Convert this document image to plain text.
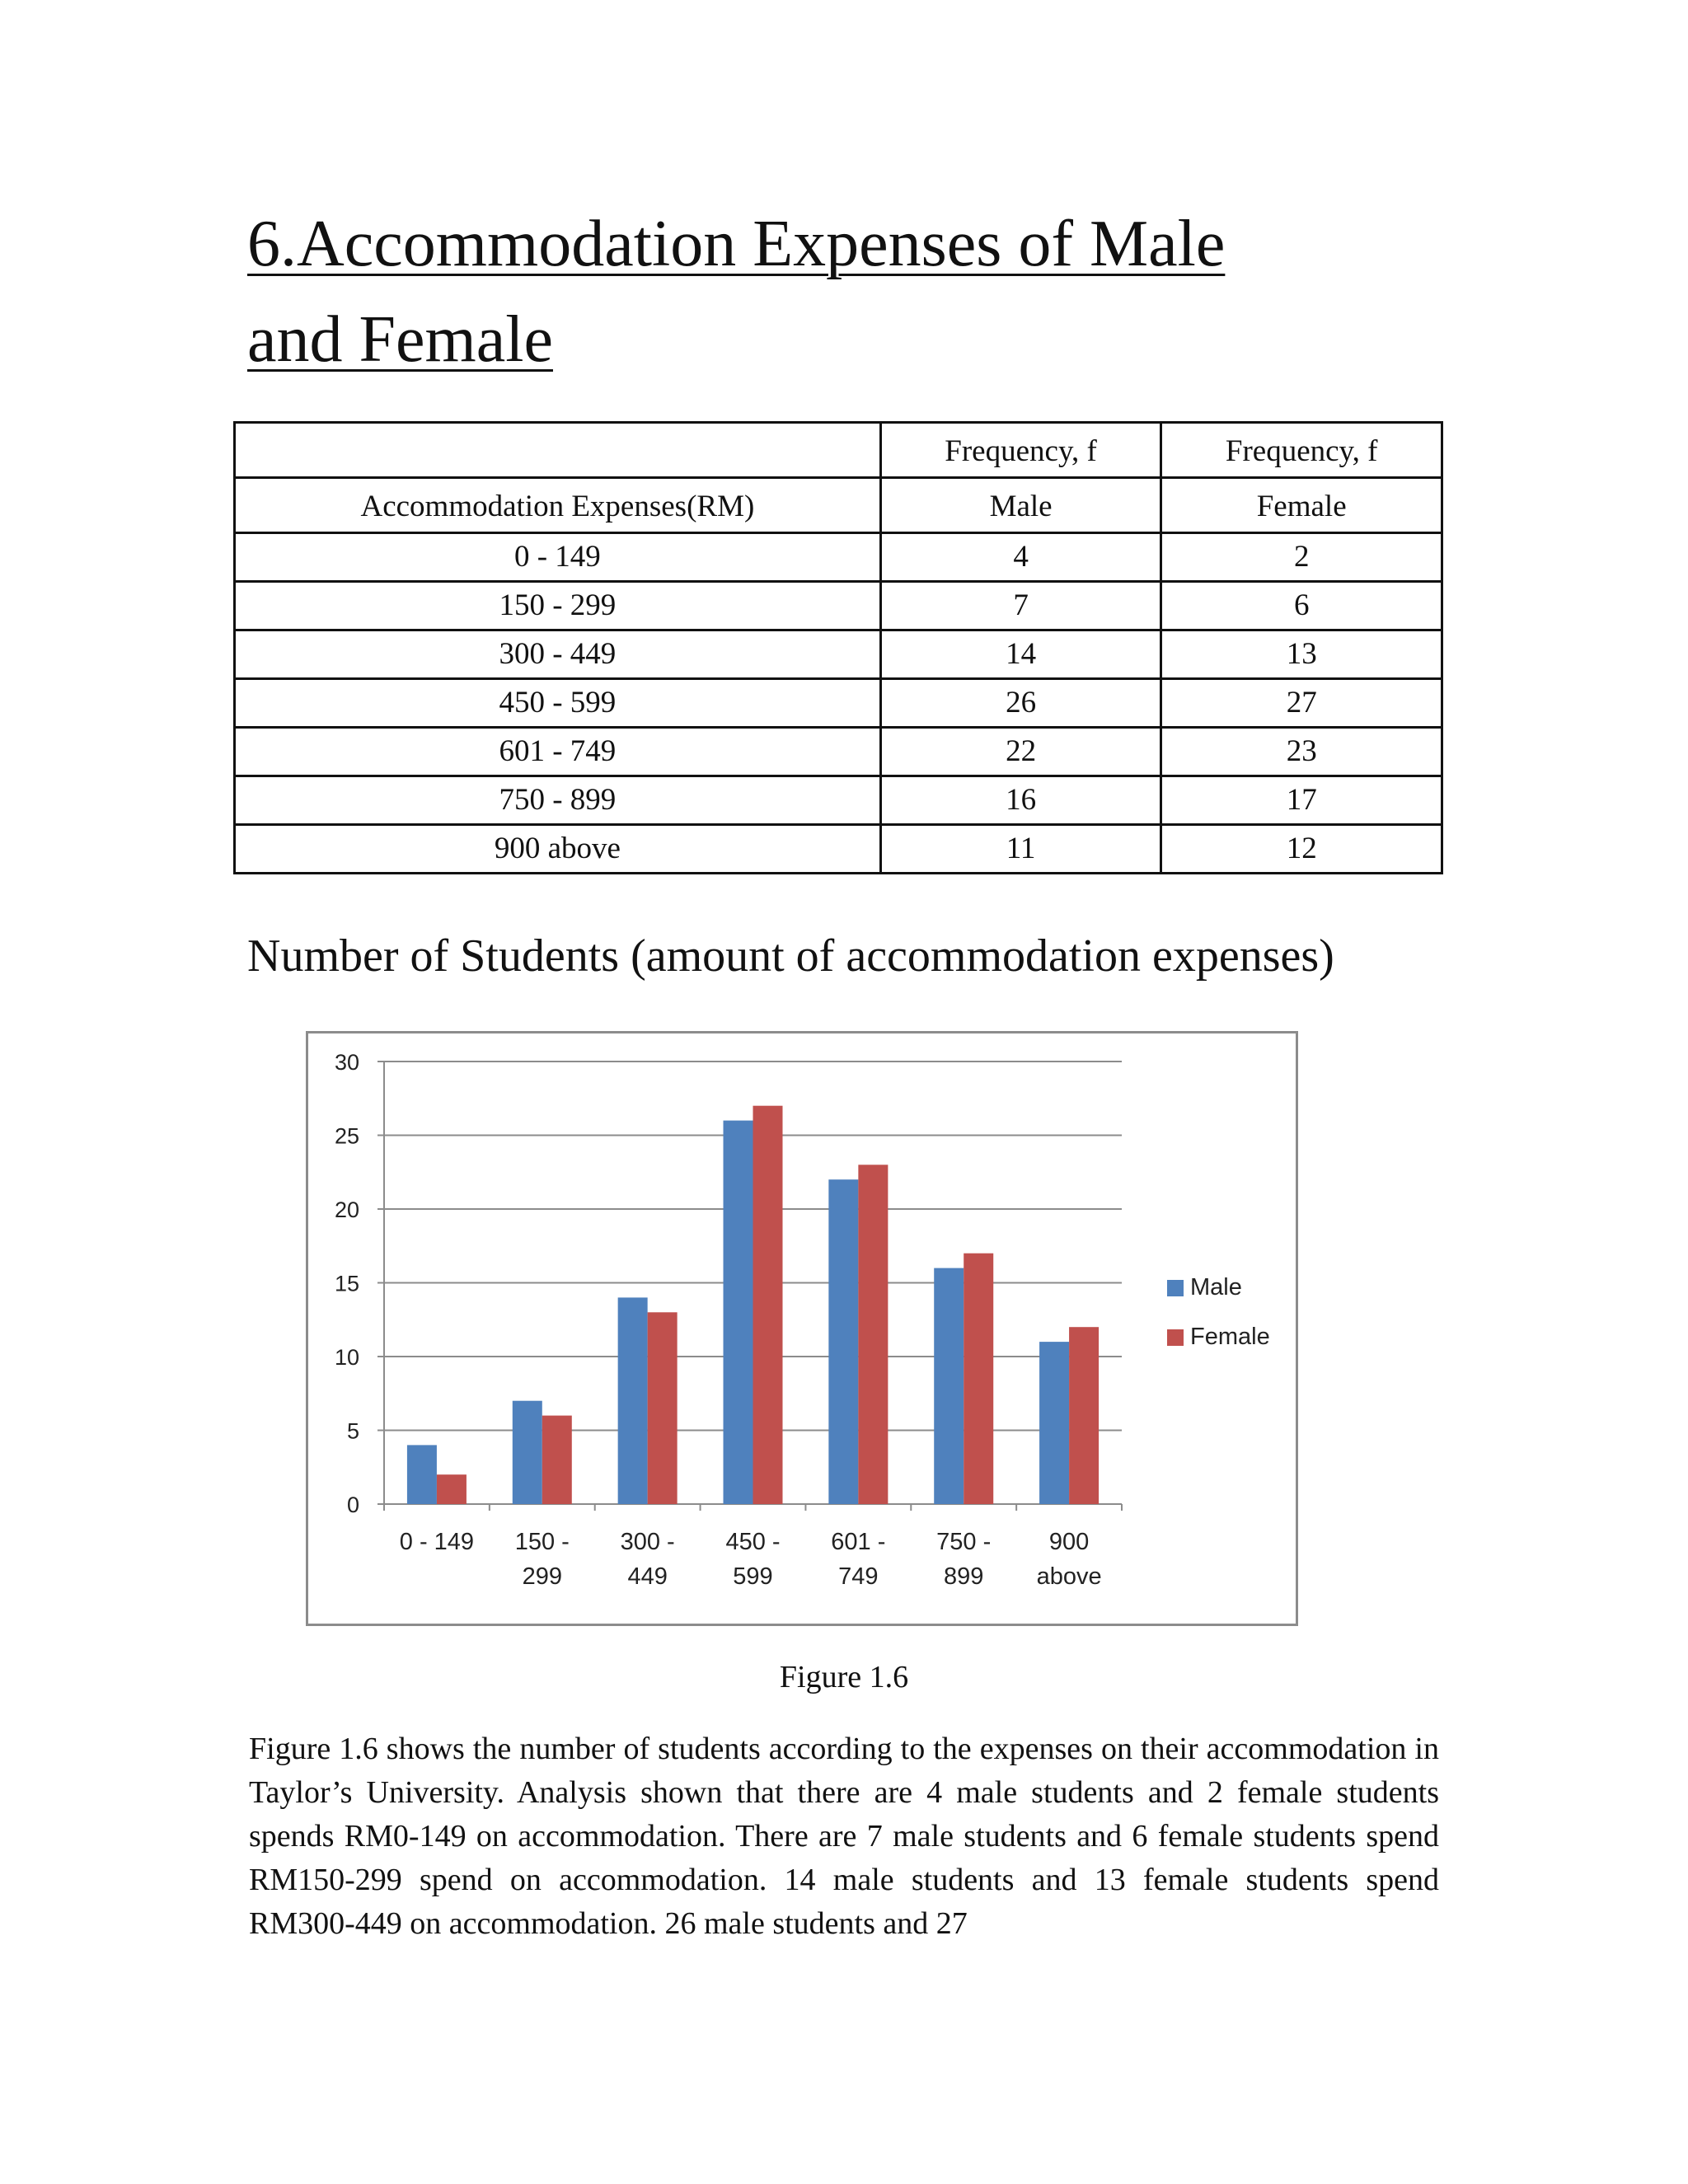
6.Accommodation Expenses of Male and Female
	Frequency, f	Frequency, f
Accommodation Expenses(RM)	Male	Female
0 - 149	4	2
150 - 299	7	6
300 - 449	14	13
450 - 599	26	27
601 - 749	22	23
750 - 899	16	17
900 above	11	12
Number of Students (amount of accommodation expenses)
0
5
10
15
20
25
30
0 - 149 150 -
299
300 -
449
450 -
599
601 -
749
750 -
899
900
above
Male
Female
Figure 1.6

Figure 1.6 shows the number of students according to the expenses on their accommodation in Taylor’s University. Analysis shown that there are 4 male students and 2 female students spends RM0-149 on accommodation. There are 7 male students and 6 female students spend RM150-299 spend on accommodation. 14 male students and 13 female students spend RM300-449 on accommodation. 26 male students and 27
